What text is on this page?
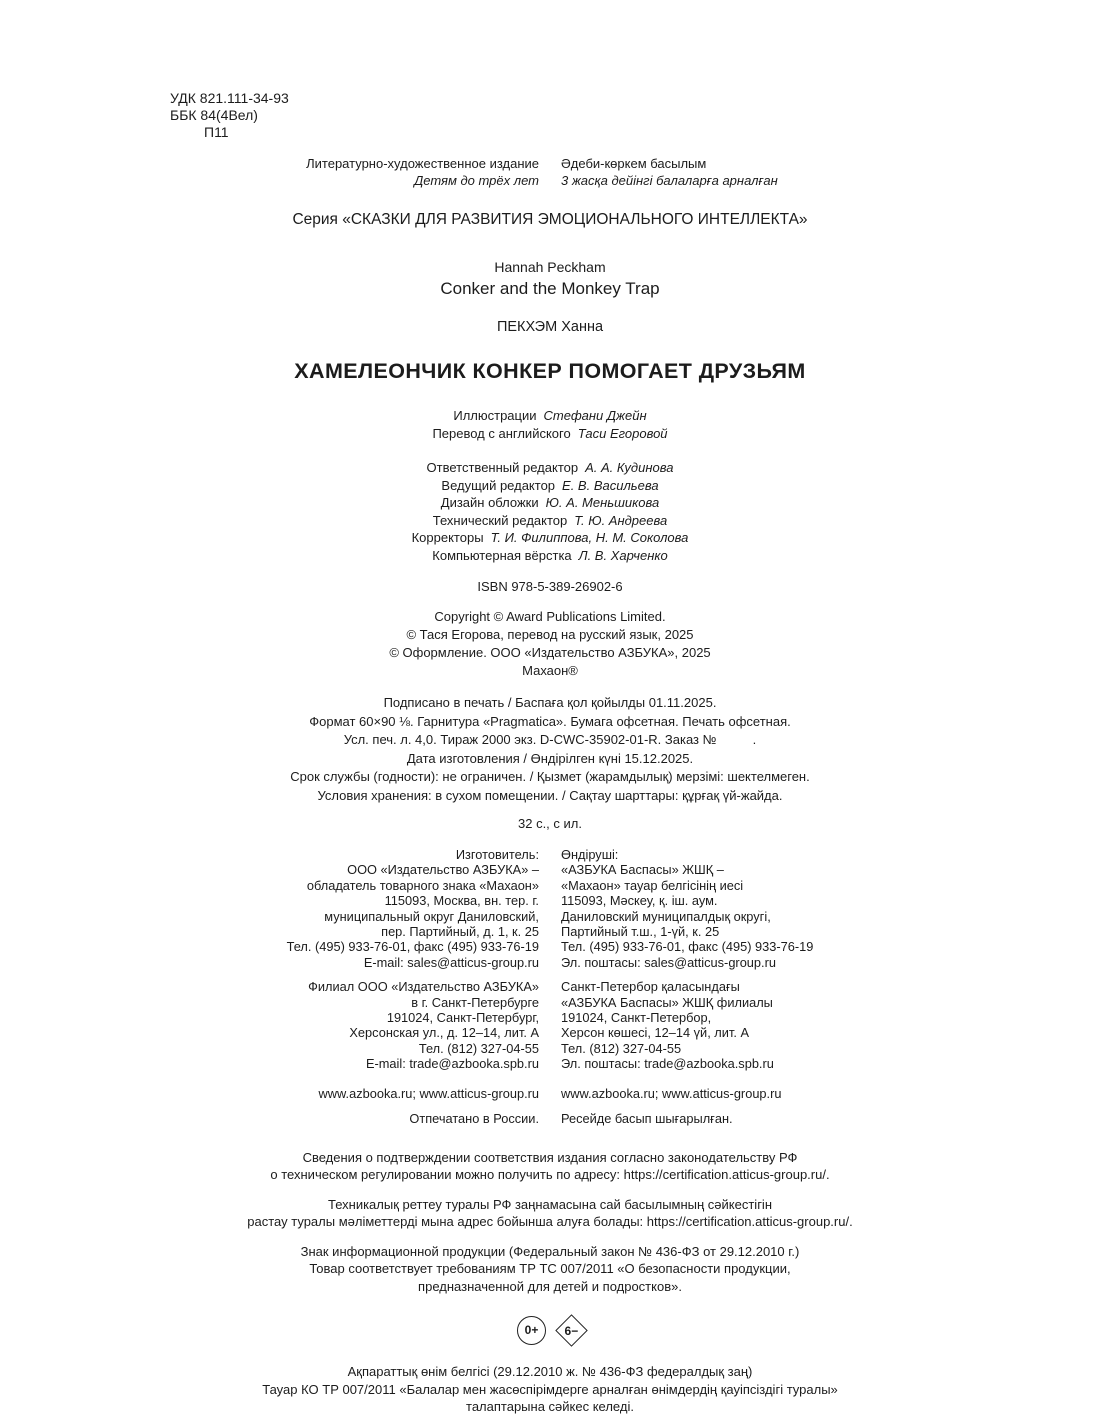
УДК 821.111-34-93
ББК 84(4Вел)
П11
Литературно-художественное издание
Детям до трёх лет
Әдеби-көркем басылым
3 жасқа дейінгі балаларға арналған
Серия «СКАЗКИ ДЛЯ РАЗВИТИЯ ЭМОЦИОНАЛЬНОГО ИНТЕЛЛЕКТА»
Hannah Peckham
Conker and the Monkey Trap
ПЕКХЭМ Ханна
ХАМЕЛЕОНЧИК КОНКЕР ПОМОГАЕТ ДРУЗЬЯМ
Иллюстрации Стефани Джейн
Перевод с английского Таси Егоровой
Ответственный редактор А. А. Кудинова
Ведущий редактор Е. В. Васильева
Дизайн обложки Ю. А. Меньшикова
Технический редактор Т. Ю. Андреева
Корректоры Т. И. Филиппова, Н. М. Соколова
Компьютерная вёрстка Л. В. Харченко
ISBN 978-5-389-26902-6
Copyright © Award Publications Limited.
© Тася Егорова, перевод на русский язык, 2025
© Оформление. ООО «Издательство АЗБУКА», 2025
Махаон®
Подписано в печать / Баспаға қол қойылды 01.11.2025.
Формат 60×90 ⅛. Гарнитура «Pragmatica». Бумага офсетная. Печать офсетная.
Усл. печ. л. 4,0. Тираж 2000 экз. D-CWC-35902-01-R. Заказ №          .
Дата изготовления / Өндірілген күні 15.12.2025.
Срок службы (годности): не ограничен. / Қызмет (жарамдылық) мерзімі: шектелмеген.
Условия хранения: в сухом помещении. / Сақтау шарттары: құрғақ үй-жайда.
32 с., с ил.
Изготовитель:
ООО «Издательство АЗБУКА» –
обладатель товарного знака «Махаон»
115093, Москва, вн. тер. г.
муниципальный округ Даниловский,
пер. Партийный, д. 1, к. 25
Тел. (495) 933-76-01, факс (495) 933-76-19
E-mail: sales@atticus-group.ru
Өндіруші:
«АЗБУКА Баспасы» ЖШҚ –
«Махаон» тауар белгісінің иесі
115093, Мәскеу, қ. іш. аум.
Даниловский муниципалдық округі,
Партийный т.ш., 1-үй, к. 25
Тел. (495) 933-76-01, факс (495) 933-76-19
Эл. поштасы: sales@atticus-group.ru
Филиал ООО «Издательство АЗБУКА»
в г. Санкт-Петербурге
191024, Санкт-Петербург,
Херсонская ул., д. 12–14, лит. А
Тел. (812) 327-04-55
E-mail: trade@azbooka.spb.ru
Санкт-Петербор қаласындағы
«АЗБУКА Баспасы» ЖШҚ филиалы
191024, Санкт-Петербор,
Херсон көшесі, 12–14 үй, лит. А
Тел. (812) 327-04-55
Эл. поштасы: trade@azbooka.spb.ru
www.azbooka.ru; www.atticus-group.ru www.azbooka.ru; www.atticus-group.ru
Отпечатано в России. Ресейде басып шығарылған.
Сведения о подтверждении соответствия издания согласно законодательству РФ
о техническом регулировании можно получить по адресу: https://certification.atticus-group.ru/.
Техникалық реттеу туралы РФ заңнамасына сай басылымның сәйкестігін
растау туралы мәліметтерді мына адрес бойынша алуға болады: https://certification.atticus-group.ru/.
Знак информационной продукции (Федеральный закон № 436-ФЗ от 29.12.2010 г.)
Товар соответствует требованиям ТР ТС 007/2011 «О безопасности продукции,
предназначенной для детей и подростков».
0+ 6−
Ақпараттық өнім белгісі (29.12.2010 ж. № 436-ФЗ федералдық заң)
Тауар КО ТР 007/2011 «Балалар мен жасөспірімдерге арналған өнімдердің қауіпсіздігі туралы»
талаптарына сәйкес келеді.
